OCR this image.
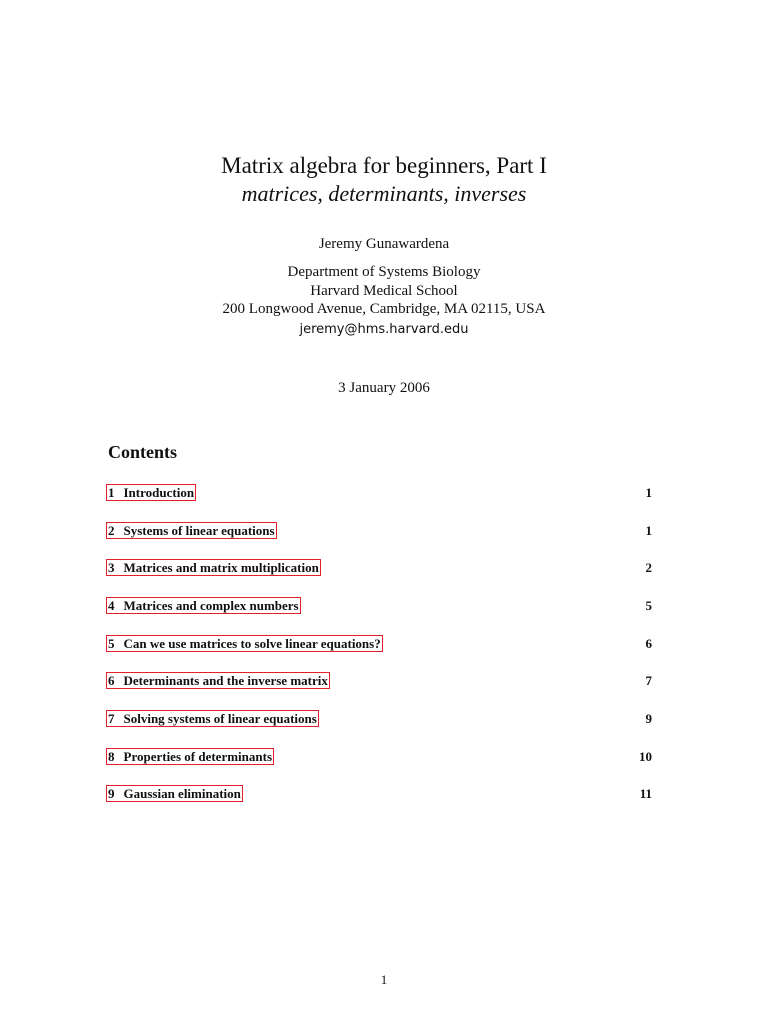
Matrix algebra for beginners, Part I

matrices, determinants, inverses

Jeremy Gunawardena
Department of Systems Biology
Harvard Medical School
200 Longwood Avenue, Cambridge, MA 02115, USA
jeremy@hms.harvard.edu
3 January 2006
Contents
1 Introduction	1
2 Systems of linear equations	1
3 Matrices and matrix multiplication	2
4 Matrices and complex numbers	5
5 Can we use matrices to solve linear equations?	6
6 Determinants and the inverse matrix	7
7 Solving systems of linear equations	9
8 Properties of determinants	10
9 Gaussian elimination	11
1
